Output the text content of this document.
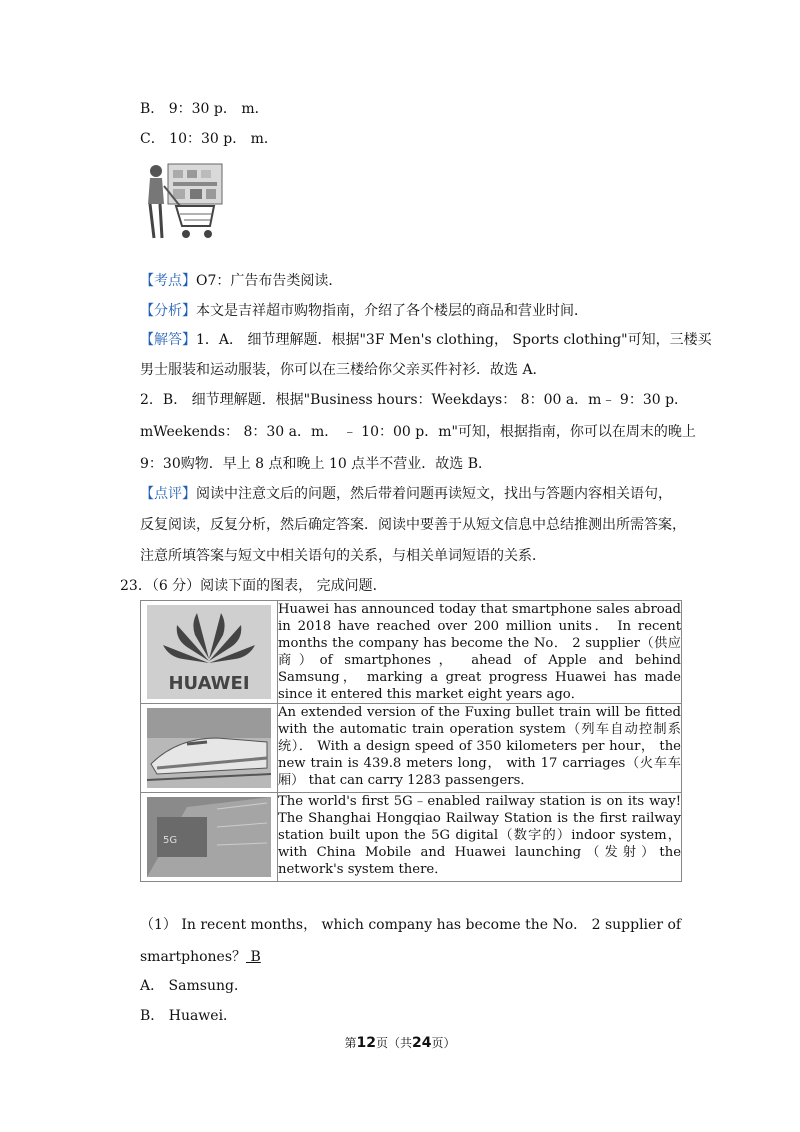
B． 9：30 p． m．
C． 10：30 p． m．
【考点】O7：广告布告类阅读．
【分析】本文是吉祥超市购物指南，介绍了各个楼层的商品和营业时间．
【解答】1．A． 细节理解题．根据"3F Men's clothing， Sports clothing"可知，三楼买
男士服装和运动服装，你可以在三楼给你父亲买件衬衫．故选 A．
2．B． 细节理解题．根据"Business hours：Weekdays： 8：00 a．m﹣ 9：30 p．
mWeekends： 8：30 a．m． ﹣ 10：00 p．m"可知，根据指南，你可以在周末的晚上
9：30购物．早上 8 点和晚上 10 点半不营业．故选 B．
【点评】阅读中注意文后的问题，然后带着问题再读短文，找出与答题内容相关语句，
反复阅读，反复分析，然后确定答案．阅读中要善于从短文信息中总结推测出所需答案，
注意所填答案与短文中相关语句的关系，与相关单词短语的关系．
23．（6 分）阅读下面的图表， 完成问题．
HUAWEI	Huawei has announced today that smartphone sales abroad in 2018 have reached over 200 million units． In recent months the company has become the No． 2 supplier（供应商）of smartphones， ahead of Apple and behind Samsung， marking a great progress Huawei has made since it entered this market eight years ago．

	An extended version of the Fuxing bullet train will be fitted with the automatic train operation system（列车自动控制系统）． With a design speed of 350 kilometers per hour， the new train is 439.8 meters long， with 17 carriages（火车车厢） that can carry 1283 passengers．

5G	The world's first 5G﹣enabled railway station is on its way! The Shanghai Hongqiao Railway Station is the first railway station built upon the 5G digital（数字的）indoor system， with China Mobile and Huawei launching（发射）the network's system there．
（1） In recent months， which company has become the No． 2 supplier of
smartphones？ B
A． Samsung．
B． Huawei．
第12页（共24页）
